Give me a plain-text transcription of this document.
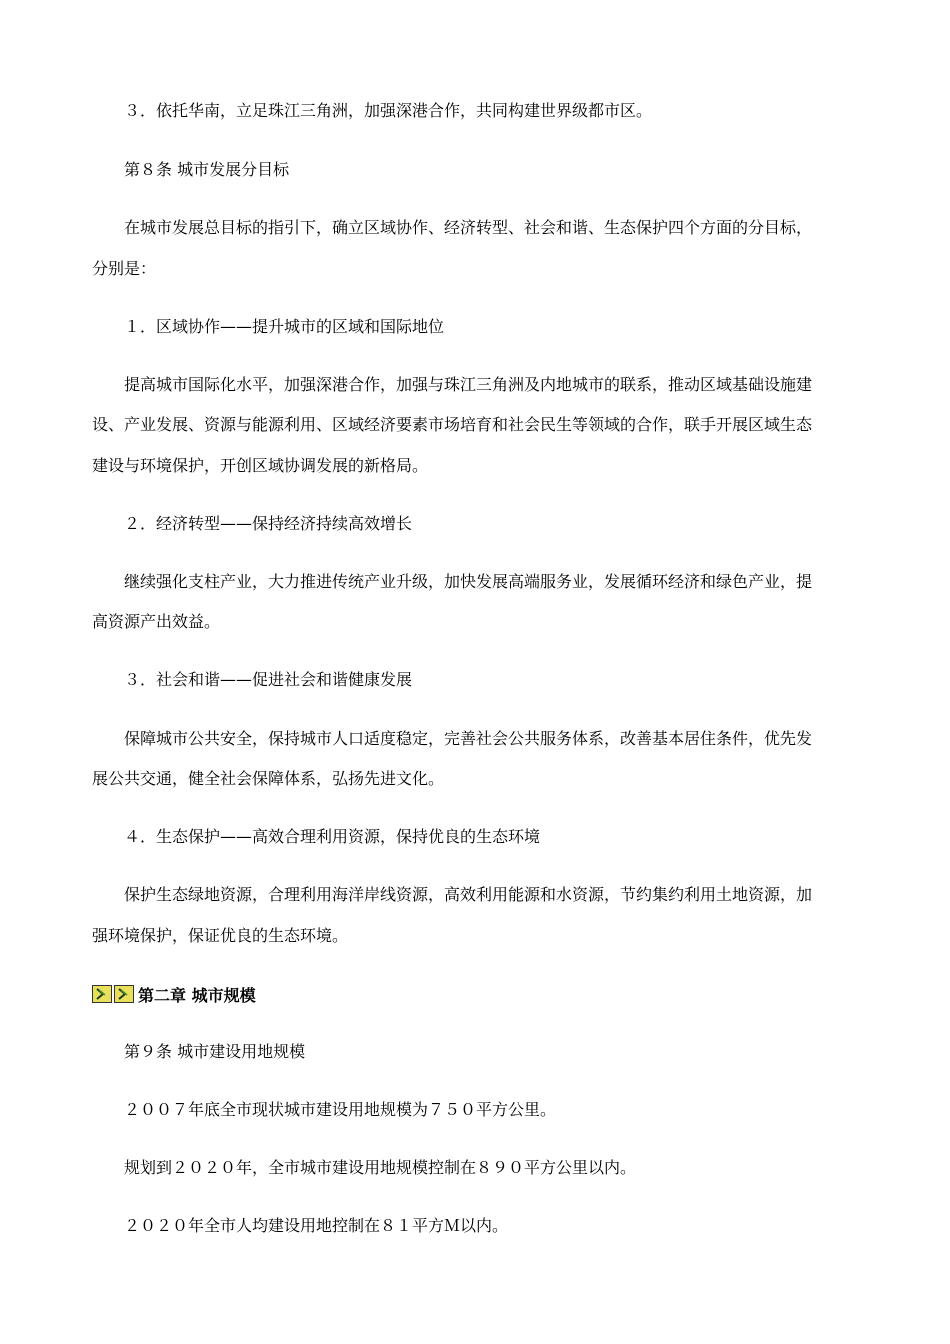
３．依托华南，立足珠江三角洲，加强深港合作，共同构建世界级都市区。
第８条 城市发展分目标
在城市发展总目标的指引下，确立区域协作、经济转型、社会和谐、生态保护四个方面的分目标，
分别是：
１．区域协作——提升城市的区域和国际地位
提高城市国际化水平，加强深港合作，加强与珠江三角洲及内地城市的联系，推动区域基础设施建
设、产业发展、资源与能源利用、区域经济要素市场培育和社会民生等领域的合作，联手开展区域生态
建设与环境保护，开创区域协调发展的新格局。
２．经济转型——保持经济持续高效增长
继续强化支柱产业，大力推进传统产业升级，加快发展高端服务业，发展循环经济和绿色产业，提
高资源产出效益。
３．社会和谐——促进社会和谐健康发展
保障城市公共安全，保持城市人口适度稳定，完善社会公共服务体系，改善基本居住条件，优先发
展公共交通，健全社会保障体系，弘扬先进文化。
４．生态保护——高效合理利用资源，保持优良的生态环境
保护生态绿地资源，合理利用海洋岸线资源，高效利用能源和水资源，节约集约利用土地资源，加
强环境保护，保证优良的生态环境。
第二章 城市规模
第９条 城市建设用地规模
２００７年底全市现状城市建设用地规模为７５０平方公里。
规划到２０２０年，全市城市建设用地规模控制在８９０平方公里以内。
２０２０年全市人均建设用地控制在８１平方Ｍ以内。
